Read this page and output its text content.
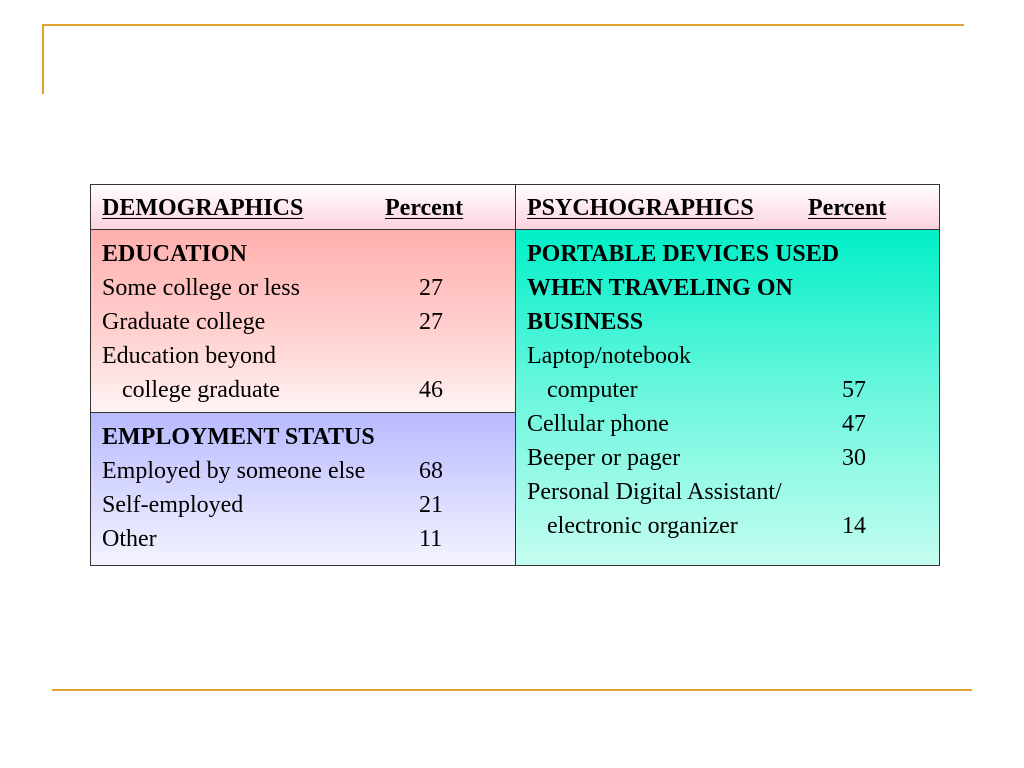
DEMOGRAPHICS	Percent	PSYCHOGRAPHICS Percent
EDUCATION
Some college or less	27
Graduate college	27
Education beyond
college graduate	46
EMPLOYMENT STATUS
Employed by someone else 68
Self-employed	21
Other	11
PORTABLE DEVICES USED
WHEN TRAVELING ON
BUSINESS
Laptop/notebook
computer	57
Cellular phone	47
Beeper or pager	30
Personal Digital Assistant/
electronic organizer	14
